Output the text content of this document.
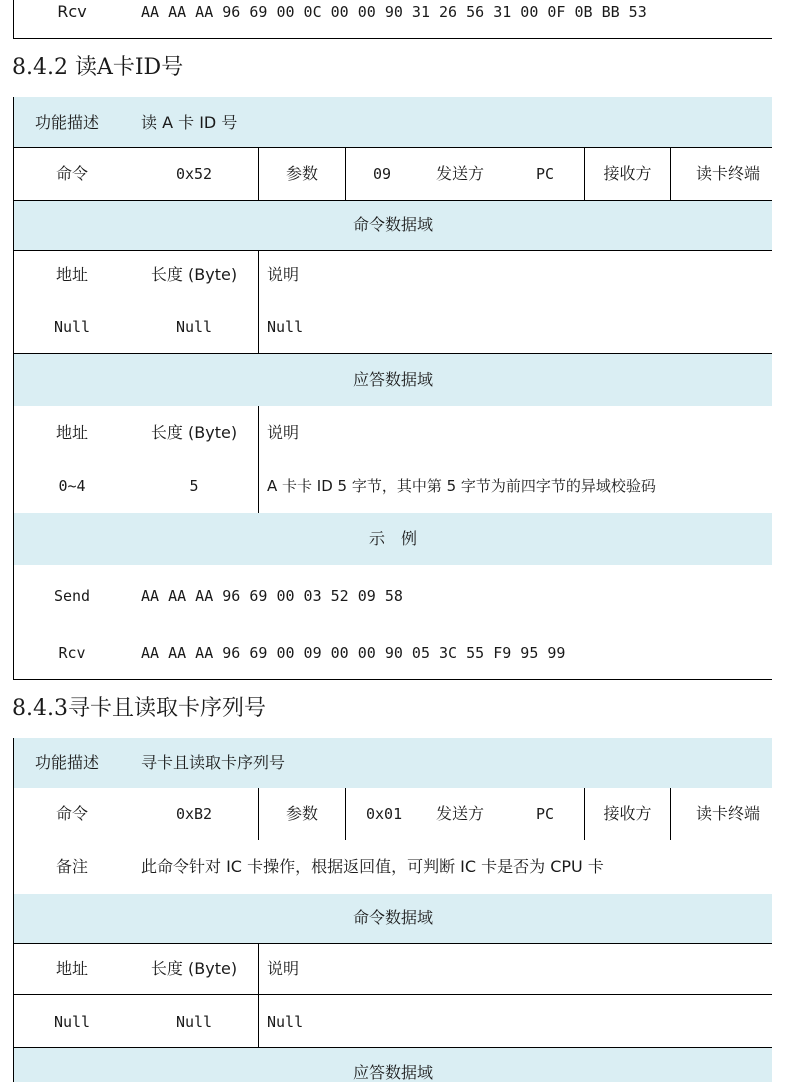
Rcv	AA AA AA 96 69 00 0C 00 00 90 31 26 56 31 00 0F 0B BB 53
8.4.2 读A卡ID号
功能描述	读 A 卡 ID 号
命令	0x52	参数	09	发送方	PC	接收方	读卡终端
命令数据域
地址	长度 (Byte)	说明
Null	Null	Null
应答数据域
地址	长度 (Byte)	说明
0~4	5	A 卡卡 ID 5 字节，其中第 5 字节为前四字节的异域校验码
示　例
Send	AA AA AA 96 69 00 03 52 09 58
Rcv	AA AA AA 96 69 00 09 00 00 90 05 3C 55 F9 95 99
8.4.3寻卡且读取卡序列号
功能描述	寻卡且读取卡序列号
命令	0xB2	参数	0x01 发送方	PC	接收方	读卡终端
备注	此命令针对 IC 卡操作，根据返回值，可判断 IC 卡是否为 CPU 卡
命令数据域
地址	长度 (Byte)	说明
Null	Null	Null
应答数据域
